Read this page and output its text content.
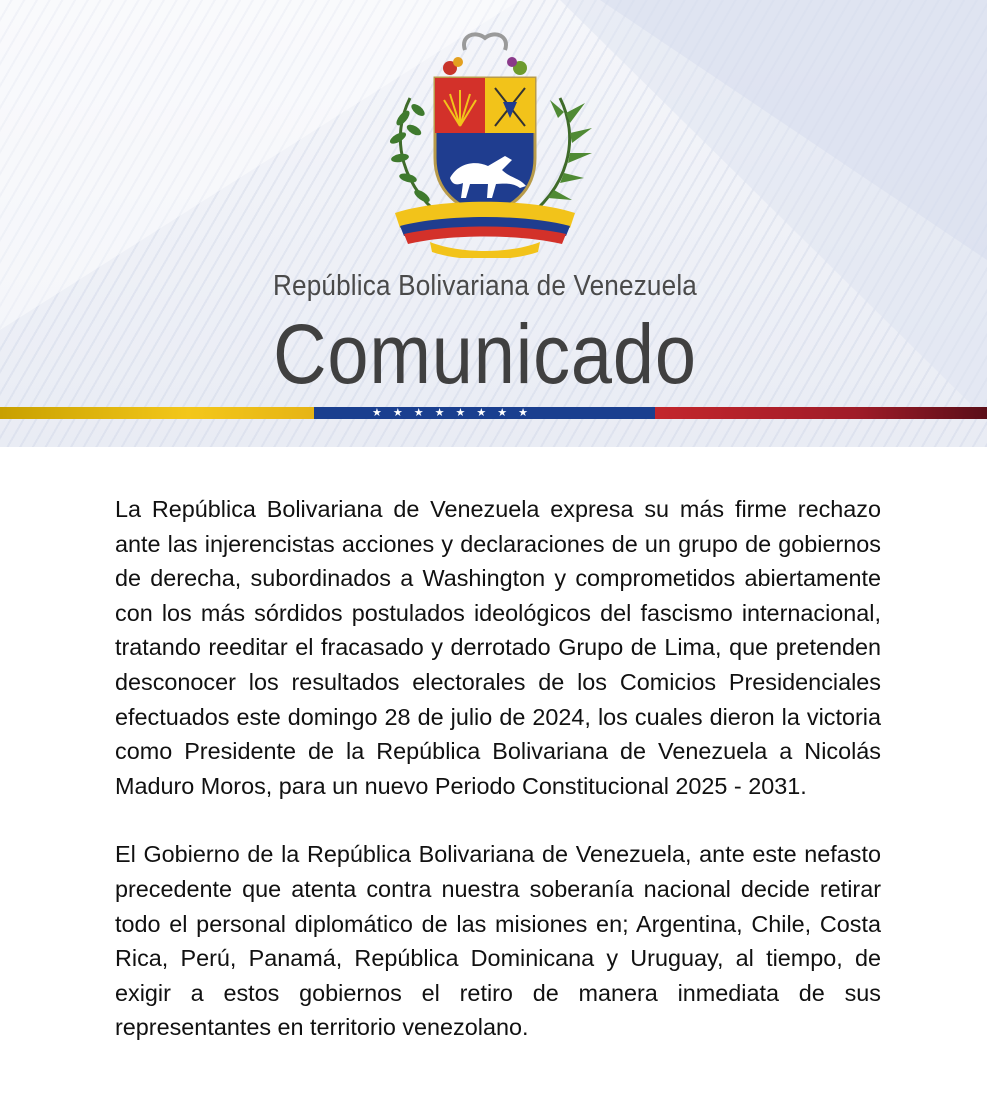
República Bolivariana de Venezuela
Comunicado
★ ★ ★ ★ ★ ★ ★ ★

La República Bolivariana de Venezuela expresa su más firme rechazo ante las injerencistas acciones y declaraciones de un grupo de gobiernos de derecha, subordinados a Washington y comprometidos abiertamente con los más sórdidos postulados ideológicos del fascismo internacional, tratando reeditar el fracasado y derrotado Grupo de Lima, que pretenden desconocer los resultados electorales de los Comicios Presidenciales efectuados este domingo 28 de julio de 2024, los cuales dieron la victoria como Presidente de la República Bolivariana de Venezuela a Nicolás Maduro Moros, para un nuevo Periodo Constitucional 2025 - 2031.

El Gobierno de la República Bolivariana de Venezuela, ante este nefasto precedente que atenta contra nuestra soberanía nacional decide retirar todo el personal diplomático de las misiones en; Argentina, Chile, Costa Rica, Perú, Panamá, República Dominicana y Uruguay, al tiempo, de exigir a estos gobiernos el retiro de manera inmediata de sus representantes en territorio venezolano.
